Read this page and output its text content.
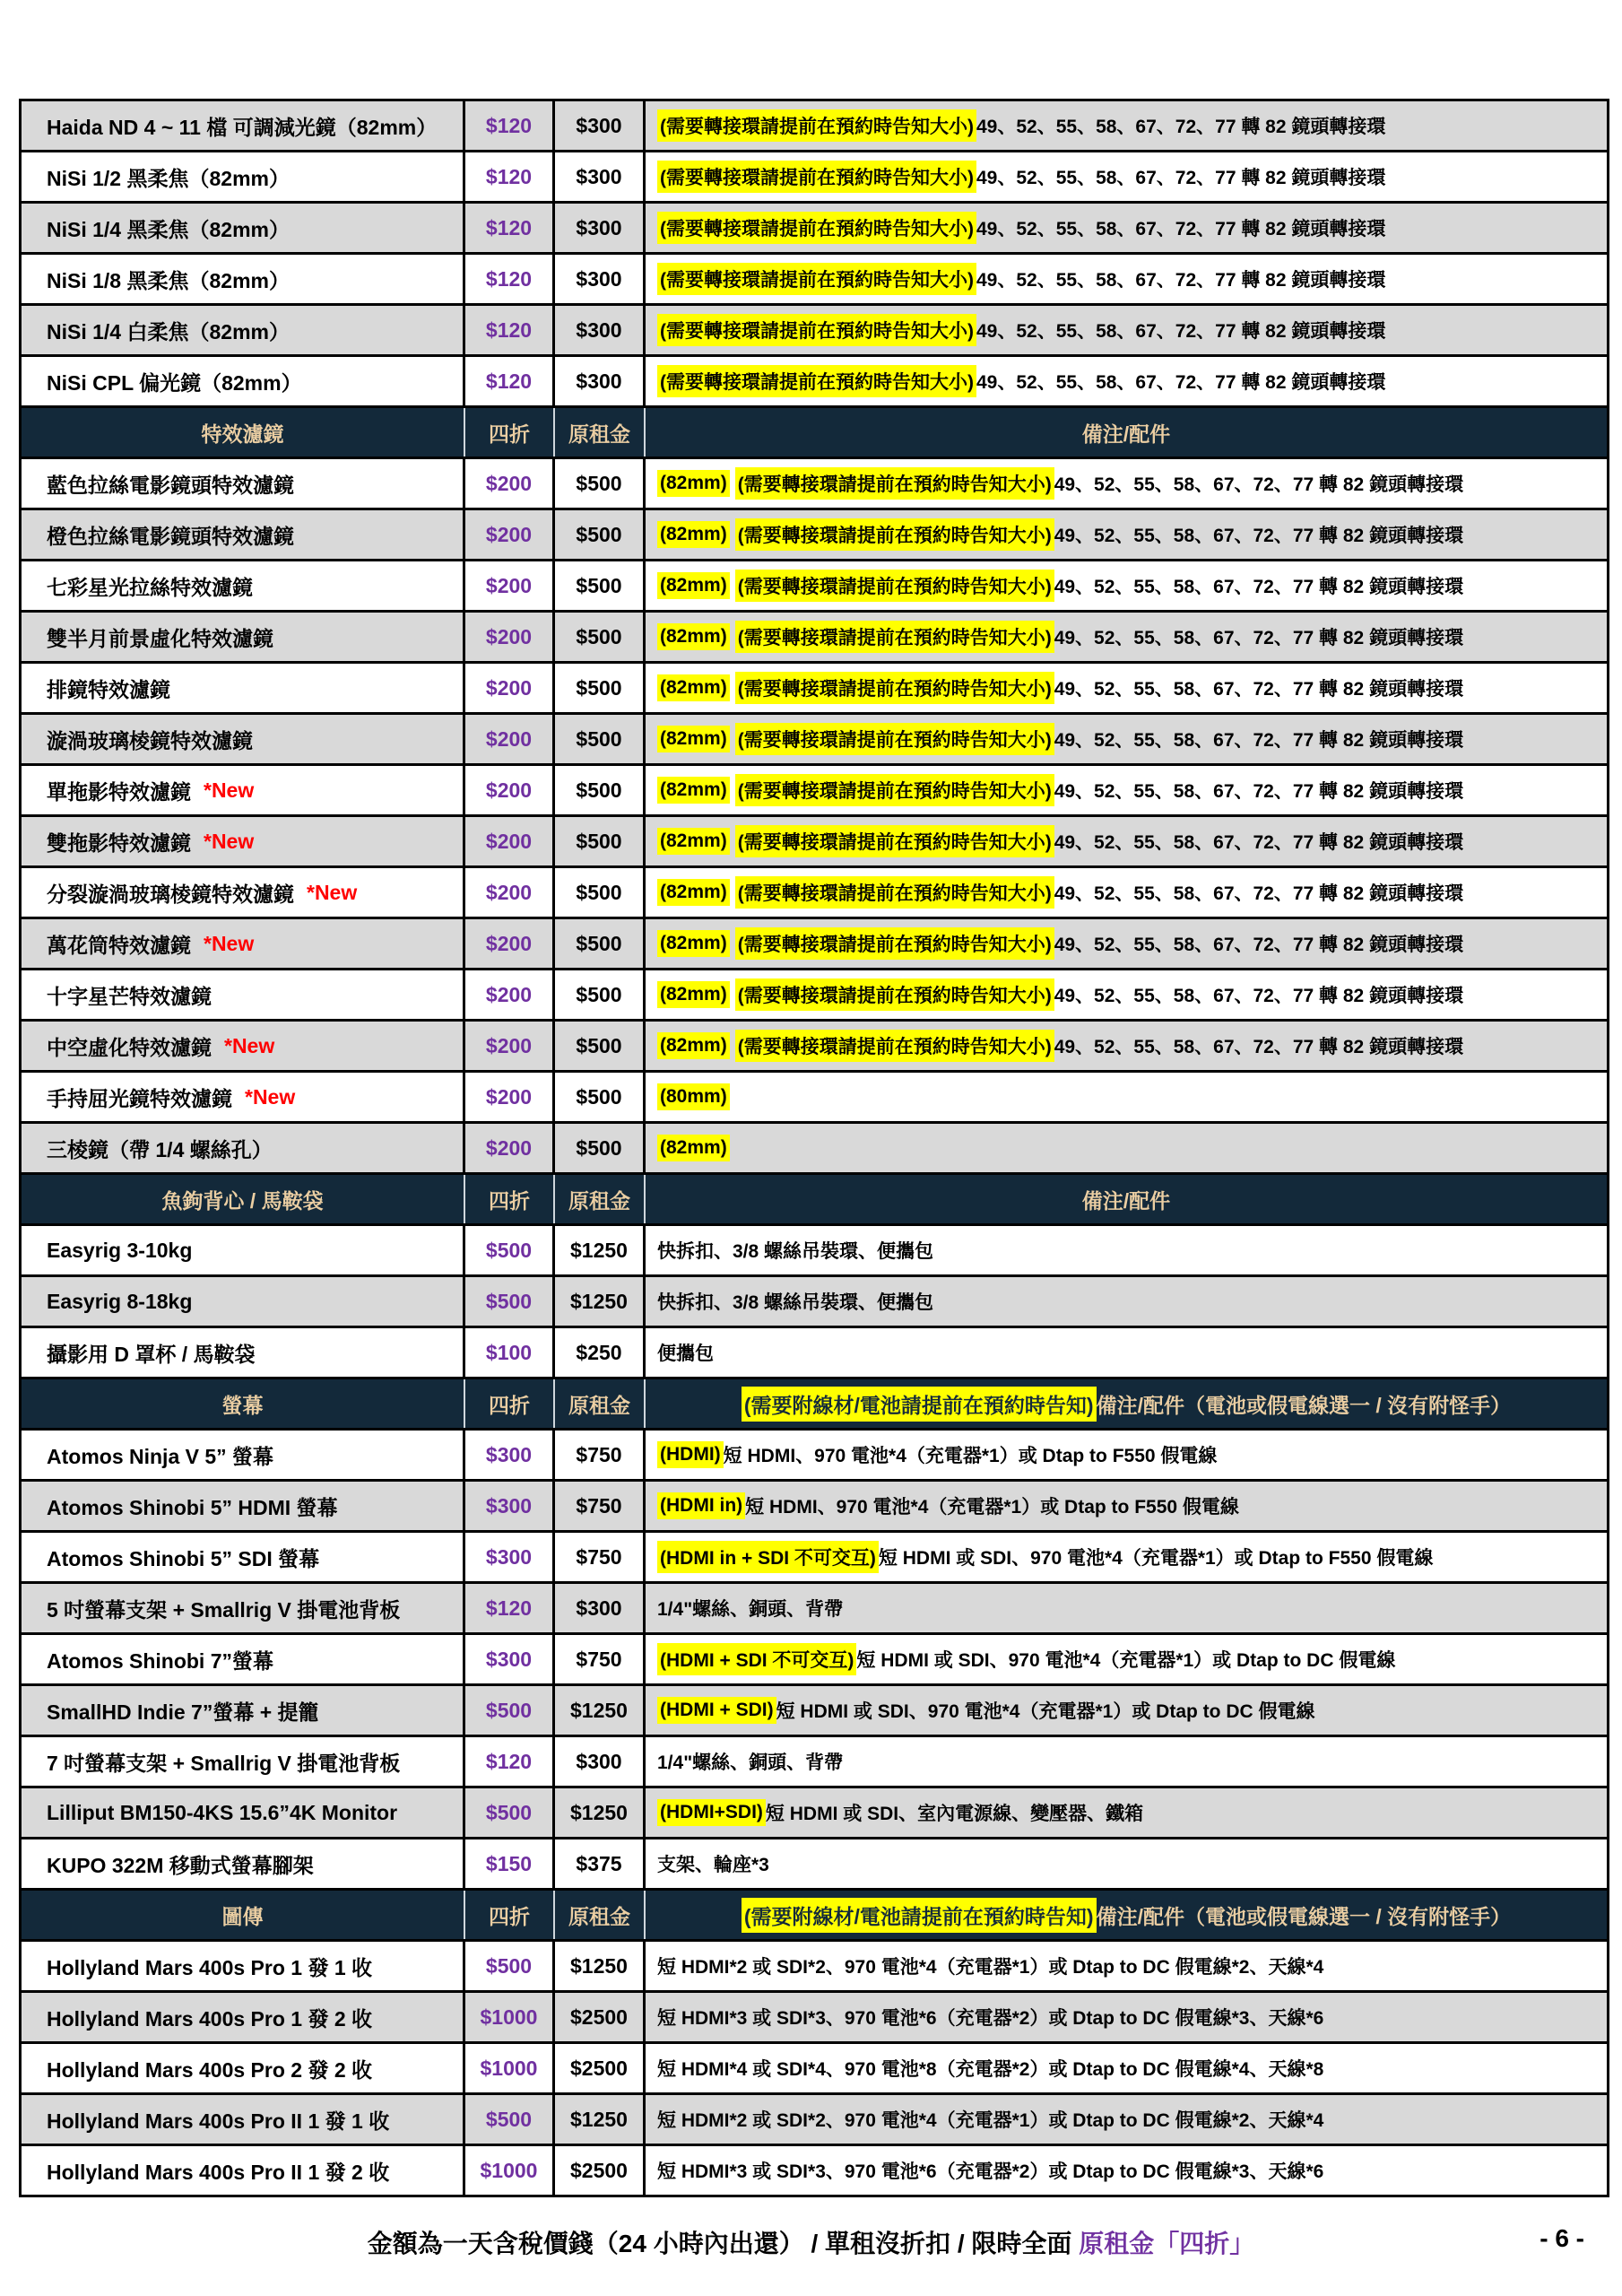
Haida ND 4 ~ 11 檔 可調減光鏡（82mm）	$120	$300	(需要轉接環請提前在預約時告知大小) 49、52、55、58、67、72、77 轉 82 鏡頭轉接環
NiSi 1/2 黑柔焦（82mm）	$120	$300	(需要轉接環請提前在預約時告知大小) 49、52、55、58、67、72、77 轉 82 鏡頭轉接環
NiSi 1/4 黑柔焦（82mm）	$120	$300	(需要轉接環請提前在預約時告知大小) 49、52、55、58、67、72、77 轉 82 鏡頭轉接環
NiSi 1/8 黑柔焦（82mm）	$120	$300	(需要轉接環請提前在預約時告知大小) 49、52、55、58、67、72、77 轉 82 鏡頭轉接環
NiSi 1/4 白柔焦（82mm）	$120	$300	(需要轉接環請提前在預約時告知大小) 49、52、55、58、67、72、77 轉 82 鏡頭轉接環
NiSi CPL 偏光鏡（82mm）	$120	$300	(需要轉接環請提前在預約時告知大小) 49、52、55、58、67、72、77 轉 82 鏡頭轉接環
特效濾鏡	四折	原租金	備注/配件
藍色拉絲電影鏡頭特效濾鏡	$200	$500	(82mm) (需要轉接環請提前在預約時告知大小) 49、52、55、58、67、72、77 轉 82 鏡頭轉接環
橙色拉絲電影鏡頭特效濾鏡	$200	$500	(82mm) (需要轉接環請提前在預約時告知大小) 49、52、55、58、67、72、77 轉 82 鏡頭轉接環
七彩星光拉絲特效濾鏡	$200	$500	(82mm) (需要轉接環請提前在預約時告知大小) 49、52、55、58、67、72、77 轉 82 鏡頭轉接環
雙半月前景虛化特效濾鏡	$200	$500	(82mm) (需要轉接環請提前在預約時告知大小) 49、52、55、58、67、72、77 轉 82 鏡頭轉接環
排鏡特效濾鏡	$200	$500	(82mm) (需要轉接環請提前在預約時告知大小) 49、52、55、58、67、72、77 轉 82 鏡頭轉接環
漩渦玻璃棱鏡特效濾鏡	$200	$500	(82mm) (需要轉接環請提前在預約時告知大小) 49、52、55、58、67、72、77 轉 82 鏡頭轉接環
單拖影特效濾鏡 *New	$200	$500	(82mm) (需要轉接環請提前在預約時告知大小) 49、52、55、58、67、72、77 轉 82 鏡頭轉接環
雙拖影特效濾鏡 *New	$200	$500	(82mm) (需要轉接環請提前在預約時告知大小) 49、52、55、58、67、72、77 轉 82 鏡頭轉接環
分裂漩渦玻璃棱鏡特效濾鏡 *New	$200	$500	(82mm) (需要轉接環請提前在預約時告知大小) 49、52、55、58、67、72、77 轉 82 鏡頭轉接環
萬花筒特效濾鏡 *New	$200	$500	(82mm) (需要轉接環請提前在預約時告知大小) 49、52、55、58、67、72、77 轉 82 鏡頭轉接環
十字星芒特效濾鏡	$200	$500	(82mm) (需要轉接環請提前在預約時告知大小) 49、52、55、58、67、72、77 轉 82 鏡頭轉接環
中空虛化特效濾鏡 *New	$200	$500	(82mm) (需要轉接環請提前在預約時告知大小) 49、52、55、58、67、72、77 轉 82 鏡頭轉接環
手持屈光鏡特效濾鏡 *New	$200	$500	(80mm)
三棱鏡（帶 1/4 螺絲孔）	$200	$500	(82mm)
魚鉤背心 / 馬鞍袋	四折	原租金	備注/配件
Easyrig 3-10kg	$500	$1250	快拆扣、3/8 螺絲吊裝環、便攜包
Easyrig 8-18kg	$500	$1250	快拆扣、3/8 螺絲吊裝環、便攜包
攝影用 D 罩杯 / 馬鞍袋	$100	$250	便攜包
螢幕	四折	原租金	(需要附線材/電池請提前在預約時告知) 備注/配件（電池或假電線選一 / 沒有附怪手）
Atomos Ninja V 5” 螢幕	$300	$750	(HDMI) 短 HDMI、970 電池*4（充電器*1）或 Dtap to F550 假電線
Atomos Shinobi 5” HDMI 螢幕	$300	$750	(HDMI in) 短 HDMI、970 電池*4（充電器*1）或 Dtap to F550 假電線
Atomos Shinobi 5” SDI 螢幕	$300	$750	(HDMI in + SDI 不可交互) 短 HDMI 或 SDI、970 電池*4（充電器*1）或 Dtap to F550 假電線
5 吋螢幕支架 + Smallrig V 掛電池背板	$120	$300	1/4"螺絲、銅頭、背帶
Atomos Shinobi 7”螢幕	$300	$750	(HDMI + SDI 不可交互) 短 HDMI 或 SDI、970 電池*4（充電器*1）或 Dtap to DC 假電線
SmallHD Indie 7”螢幕 + 提籠	$500	$1250	(HDMI + SDI) 短 HDMI 或 SDI、970 電池*4（充電器*1）或 Dtap to DC 假電線
7 吋螢幕支架 + Smallrig V 掛電池背板	$120	$300	1/4"螺絲、銅頭、背帶
Lilliput BM150-4KS 15.6”4K Monitor	$500	$1250	(HDMI+SDI) 短 HDMI 或 SDI、室內電源線、變壓器、鐵箱
KUPO 322M 移動式螢幕腳架	$150	$375	支架、輪座*3
圖傳	四折	原租金	(需要附線材/電池請提前在預約時告知) 備注/配件（電池或假電線選一 / 沒有附怪手）
Hollyland Mars 400s Pro 1 發 1 收	$500	$1250	短 HDMI*2 或 SDI*2、970 電池*4（充電器*1）或 Dtap to DC 假電線*2、天線*4
Hollyland Mars 400s Pro 1 發 2 收	$1000	$2500	短 HDMI*3 或 SDI*3、970 電池*6（充電器*2）或 Dtap to DC 假電線*3、天線*6
Hollyland Mars 400s Pro 2 發 2 收	$1000	$2500	短 HDMI*4 或 SDI*4、970 電池*8（充電器*2）或 Dtap to DC 假電線*4、天線*8
Hollyland Mars 400s Pro II 1 發 1 收	$500	$1250	短 HDMI*2 或 SDI*2、970 電池*4（充電器*1）或 Dtap to DC 假電線*2、天線*4
Hollyland Mars 400s Pro II 1 發 2 收	$1000	$2500	短 HDMI*3 或 SDI*3、970 電池*6（充電器*2）或 Dtap to DC 假電線*3、天線*6
金額為一天含稅價錢（24 小時內出還） / 單租沒折扣 / 限時全面 原租金「四折」	- 6 -
